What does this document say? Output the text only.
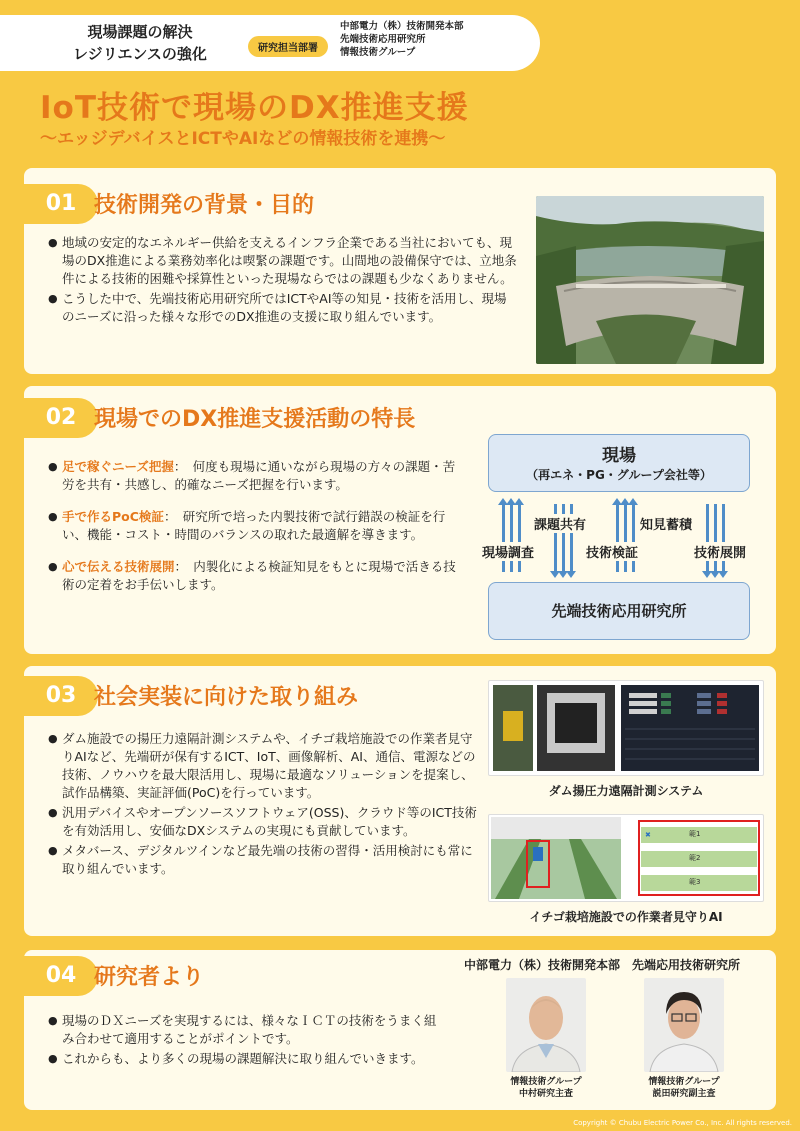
現場課題の解決
レジリエンスの強化	研究担当部署
中部電力（株）技術開発本部
先端技術応用研究所
情報技術グループ
IoT技術で現場のDX推進支援
～エッジデバイスとICTやAIなどの情報技術を連携～
01 技術開発の背景・目的
● 地域の安定的なエネルギー供給を支えるインフラ企業である当社においても、現場のDX推進による業務効率化は喫緊の課題です。山間地の設備保守では、立地条件による技術的困難や採算性といった現場ならではの課題も少なくありません。
● こうした中で、先端技術応用研究所ではICTやAI等の知見・技術を活用し、現場のニーズに沿った様々な形でのDX推進の支援に取り組んでいます。
02 現場でのDX推進支援活動の特長
● 足で稼ぐニーズ把握：　何度も現場に通いながら現場の方々の課題・苦労を共有・共感し、的確なニーズ把握を行います。
● 手で作るPoC検証：　研究所で培った内製技術で試行錯誤の検証を行い、機能・コスト・時間のバランスの取れた最適解を導きます。
● 心で伝える技術展開：　内製化による検証知見をもとに現場で活きる技術の定着をお手伝いします。
現場
（再エネ・PG・グループ会社等）
先端技術応用研究所
現場調査
課題共有
技術検証
知見蓄積
技術展開
03 社会実装に向けた取り組み
● ダム施設での揚圧力遠隔計測システムや、イチゴ栽培施設での作業者見守りAIなど、先端研が保有するICT、IoT、画像解析、AI、通信、電源などの技術、ノウハウを最大限活用し、現場に最適なソリューションを提案し、試作品構築、実証評価(PoC)を行っています。
● 汎用デバイスやオープンソースソフトウェア(OSS)、クラウド等のICT技術を有効活用し、安価なDXシステムの実現にも貢献しています。
● メタバース、デジタルツインなど最先端の技術の習得・活用検討にも常に取り組んでいます。
ダム揚圧力遠隔計測システム
✖	範1
範2
範3
イチゴ栽培施設での作業者見守りAI
04 研究者より
● 現場のＤＸニーズを実現するには、様々なＩＣＴの技術をうまく組み合わせて適用することがポイントです。
● これからも、より多くの現場の課題解決に取り組んでいきます。
中部電力（株）技術開発本部　先端応用技術研究所
情報技術グループ
中村研究主査
情報技術グループ
説田研究副主査
Copyright © Chubu Electric Power Co., Inc. All rights reserved.
